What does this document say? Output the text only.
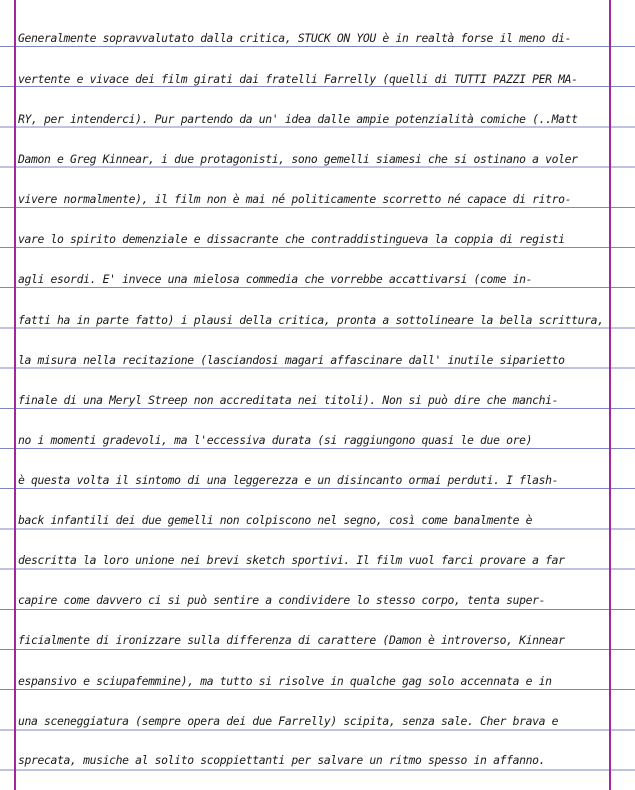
Generalmente sopravvalutato dalla critica, STUCK ON YOU è in realtà forse il meno di-
vertente e vivace dei film girati dai fratelli Farrelly (quelli di TUTTI PAZZI PER MA-
RY, per intenderci). Pur partendo da un' idea dalle ampie potenzialità comiche (..Matt
Damon e Greg Kinnear, i due protagonisti, sono gemelli siamesi che si ostinano a voler
vivere normalmente), il film non è mai né politicamente scorretto né capace di ritro-
vare lo spirito demenziale e dissacrante che contraddistingueva la coppia di registi
agli esordi. E' invece una mielosa commedia che vorrebbe accattivarsi (come in-
fatti ha in parte fatto) i plausi della critica, pronta a sottolineare la bella scrittura,
la misura nella recitazione (lasciandosi magari affascinare dall' inutile siparietto
finale di una Meryl Streep non accreditata nei titoli). Non si può dire che manchi-
no i momenti gradevoli, ma l'eccessiva durata (si raggiungono quasi le due ore)
è questa volta il sintomo di una leggerezza e un disincanto ormai perduti. I flash-
back infantili dei due gemelli non colpiscono nel segno, così come banalmente è
descritta la loro unione nei brevi sketch sportivi. Il film vuol farci provare a far
capire come davvero ci si può sentire a condividere lo stesso corpo, tenta super-
ficialmente di ironizzare sulla differenza di carattere (Damon è introverso, Kinnear
espansivo e sciupafemmine), ma tutto si risolve in qualche gag solo accennata e in
una sceneggiatura (sempre opera dei due Farrelly) scipita, senza sale. Cher brava e
sprecata, musiche al solito scoppiettanti per salvare un ritmo spesso in affanno.
